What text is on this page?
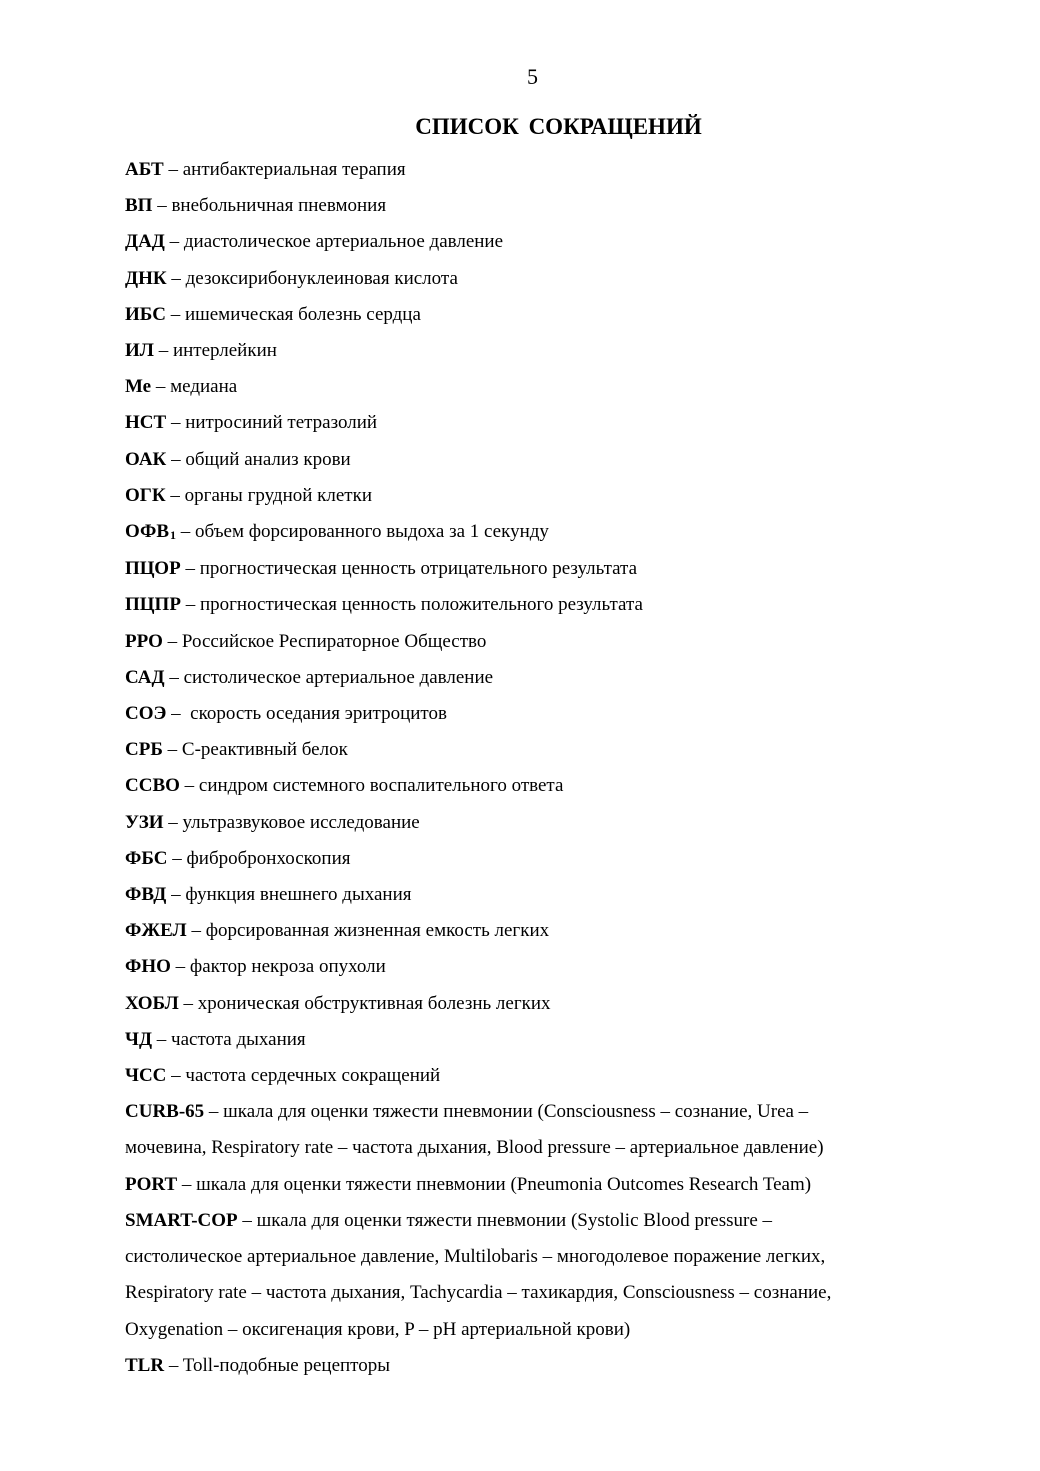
5
СПИСОК СОКРАЩЕНИЙ
АБТ – антибактериальная терапия
ВП – внебольничная пневмония
ДАД – диастолическое артериальное давление
ДНК – дезоксирибонуклеиновая кислота
ИБС – ишемическая болезнь сердца
ИЛ – интерлейкин
Ме – медиана
НСТ – нитросиний тетразолий
ОАК – общий анализ крови
ОГК – органы грудной клетки
$ОФВ_1$ – объем форсированного выдоха за 1 секунду
ПЦОР – прогностическая ценность отрицательного результата
ПЦПР – прогностическая ценность положительного результата
РРО – Российское Респираторное Общество
САД – систолическое артериальное давление
СОЭ –  скорость оседания эритроцитов
СРБ – С-реактивный белок
ССВО – синдром системного воспалительного ответа
УЗИ – ультразвуковое исследование
ФБС – фибробронхоскопия
ФВД – функция внешнего дыхания
ФЖЕЛ – форсированная жизненная емкость легких
ФНО – фактор некроза опухоли
ХОБЛ – хроническая обструктивная болезнь легких
ЧД – частота дыхания
ЧСС – частота сердечных сокращений
CURB-65 – шкала для оценки тяжести пневмонии (Consciousness – сознание, Urea –
мочевина, Respiratory rate – частота дыхания, Blood pressure – артериальное давление)
PORT – шкала для оценки тяжести пневмонии (Pneumonia Outcomes Research Team)
SMART-COP – шкала для оценки тяжести пневмонии (Systolic Blood pressure –
систолическое артериальное давление, Multilobaris – многодолевое поражение легких,
Respiratory rate – частота дыхания, Tachycardia – тахикардия, Consciousness – сознание,
Oxygenation – оксигенация крови, P – pH артериальной крови)
TLR – Toll-подобные рецепторы
